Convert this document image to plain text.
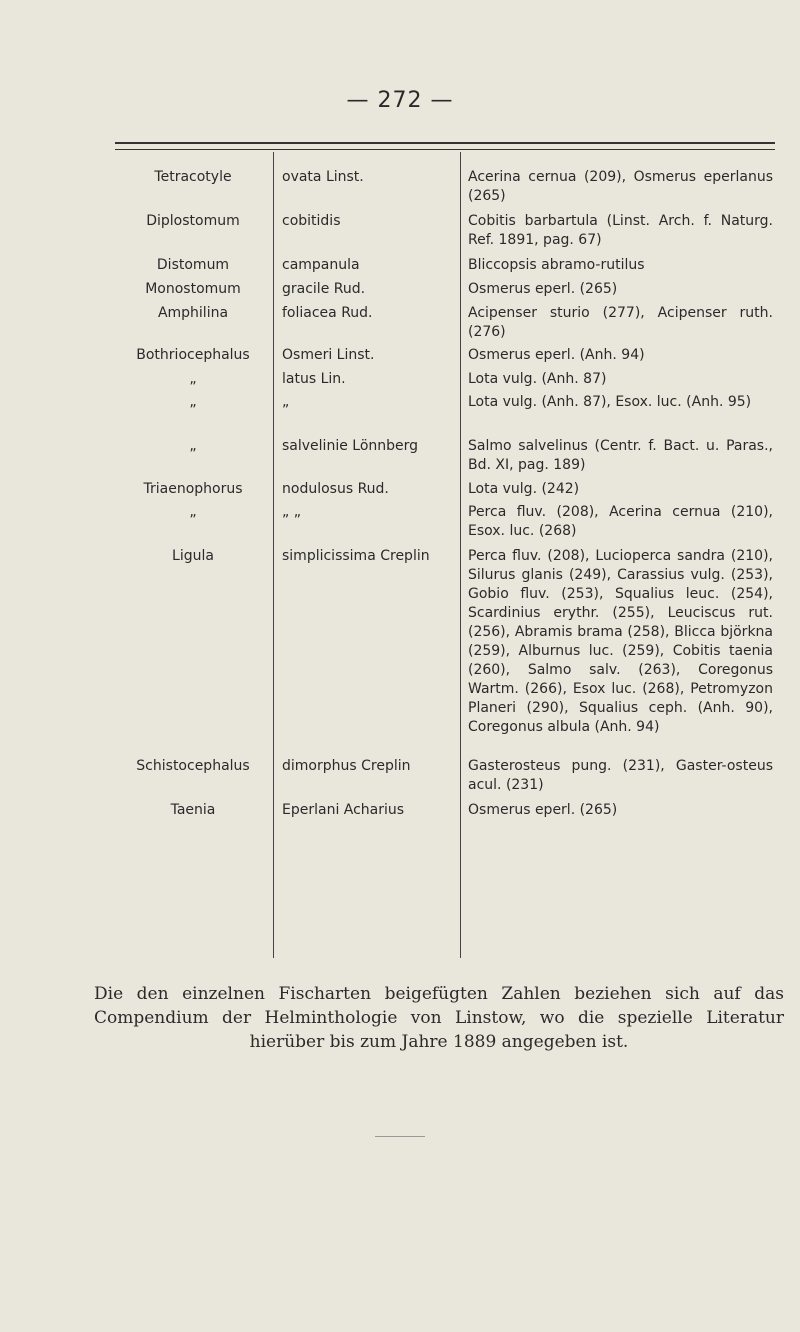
— 272 —
Tetracotyle	ovata Linst.	Acerina cernua (209), Osmerus eperlanus (265)
Diplostomum	cobitidis	Cobitis barbartula (Linst. Arch. f. Naturg. Ref. 1891, pag. 67)
Distomum	campanula	Bliccopsis abramo-rutilus
Monostomum	gracile Rud.	Osmerus eperl. (265)
Amphilina	foliacea Rud.	Acipenser sturio (277), Acipenser ruth. (276)
Bothriocephalus	Osmeri Linst.	Osmerus eperl. (Anh. 94)
„	latus Lin.	Lota vulg. (Anh. 87)
„	„	Lota vulg. (Anh. 87), Esox. luc. (Anh. 95)
„	salvelinie Lönnberg	Salmo salvelinus (Centr. f. Bact. u. Paras., Bd. XI, pag. 189)
Triaenophorus	nodulosus Rud.	Lota vulg. (242)
„	„ „	Perca fluv. (208), Acerina cernua (210), Esox. luc. (268)
Ligula	simplicissima Creplin	Perca fluv. (208), Lucioperca sandra (210), Silurus glanis (249), Carassius vulg. (253), Gobio fluv. (253), Squalius leuc. (254), Scardinius erythr. (255), Leuciscus rut. (256), Abramis brama (258), Blicca björkna (259), Alburnus luc. (259), Cobitis taenia (260), Salmo salv. (263), Coregonus Wartm. (266), Esox luc. (268), Petromyzon Planeri (290), Squalius ceph. (Anh. 90), Coregonus albula (Anh. 94)
Schistocephalus	dimorphus Creplin	Gasterosteus pung. (231), Gaster-osteus acul. (231)
Taenia	Eperlani Acharius	Osmerus eperl. (265)
Die den einzelnen Fischarten beigefügten Zahlen beziehen sich auf das Compendium der Helminthologie von Linstow, wo die spezielle Literatur hierüber bis zum Jahre 1889 angegeben ist.
